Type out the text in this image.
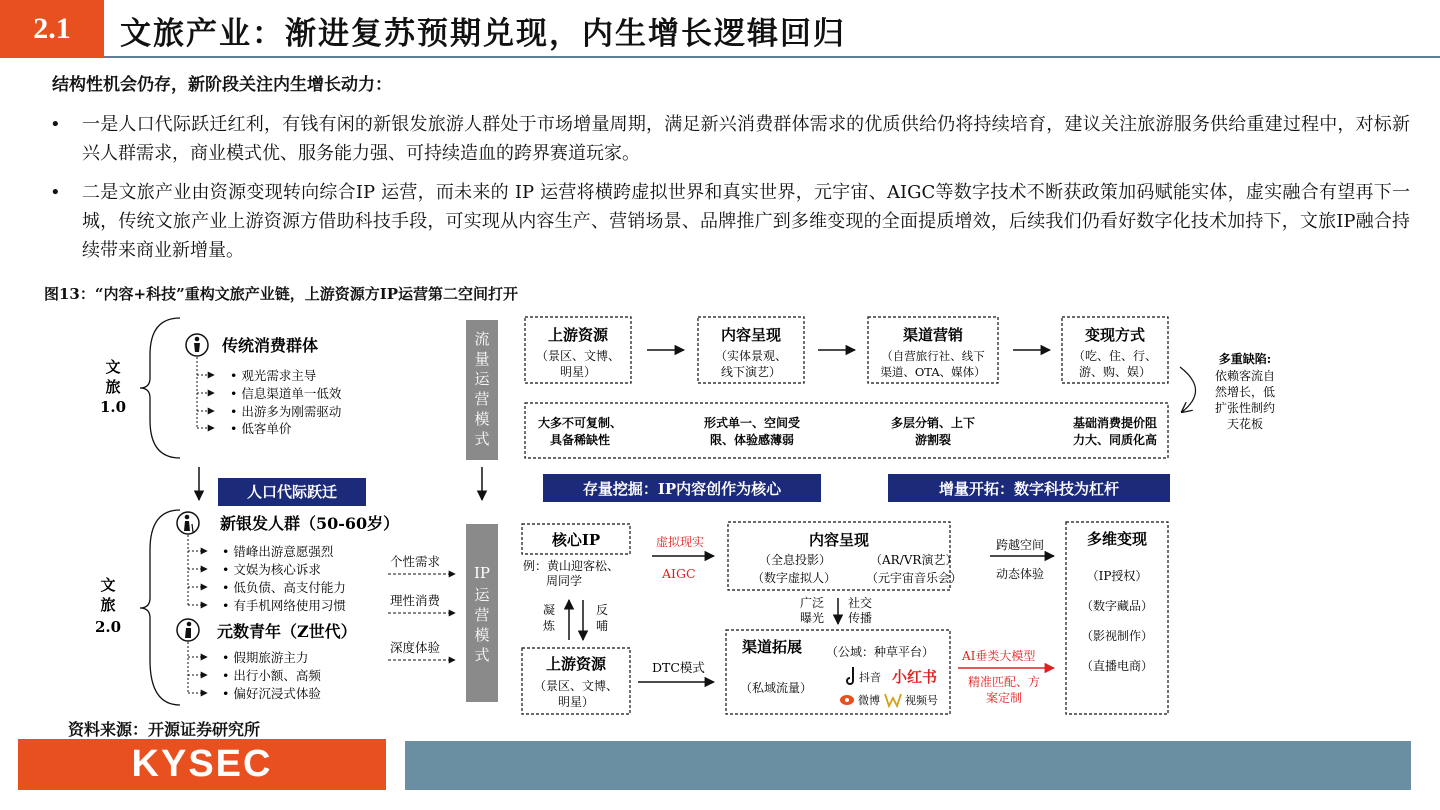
2.1	文旅产业：渐进复苏预期兑现，内生增长逻辑回归
结构性机会仍存，新阶段关注内生增长动力：
•	一是人口代际跃迁红利，有钱有闲的新银发旅游人群处于市场增量周期，满足新兴消费群体需求的优质供给仍将持续培育，建议关注旅游服务供给重建过程中，对标新兴人群需求，商业模式优、服务能力强、可持续造血的跨界赛道玩家。
•	二是文旅产业由资源变现转向综合IP 运营，而未来的 IP 运营将横跨虚拟世界和真实世界，元宇宙、AIGC等数字技术不断获政策加码赋能实体，虚实融合有望再下一城，传统文旅产业上游资源方借助科技手段，可实现从内容生产、营销场景、品牌推广到多维变现的全面提质增效，后续我们仍看好数字化技术加持下，文旅IP融合持续带来商业新增量。
图13：“内容+科技”重构文旅产业链，上游资源方IP运营第二空间打开
文
旅
1.0
传统消费群体
• 观光需求主导
• 信息渠道单一低效
• 出游多为刚需驱动
• 低客单价
人口代际跃迁
文
旅
2.0
新银发人群（50-60岁）
• 错峰出游意愿强烈
• 文娱为核心诉求
• 低负债、高支付能力
• 有手机网络使用习惯
元数青年（Z世代）
• 假期旅游主力
• 出行小额、高频
• 偏好沉浸式体验
个性需求
理性消费
深度体验
流
量
运
营
模
式
IP
运
营
模
式
上游资源
（景区、文博、
明星）
内容呈现
（实体景观、
线下演艺）
渠道营销
（自营旅行社、线下
渠道、OTA、媒体）
变现方式
（吃、住、行、
游、购、娱）
多重缺陷:
依赖客流自
然增长，低
扩张性制约
天花板
大多不可复制、
具备稀缺性
形式单一、空间受
限、体验感薄弱
多层分销、上下
游割裂
基础消费提价阻
力大、同质化高
存量挖掘：IP内容创作为核心	增量开拓：数字科技为杠杆
核心IP
例：黄山迎客松、
周同学
凝
炼
反
哺
上游资源
（景区、文博、
明星）
虚拟现实
AIGC
内容呈现
（全息投影）	（AR/VR演艺）
（数字虚拟人） （元宇宙音乐会）
广泛
曝光
社交
传播
渠道拓展 （公域：种草平台）
（私域流量）
抖音 小红书
微博 视频号
DTC模式
跨越空间
动态体验
AI垂类大模型
精准匹配、方
案定制
多维变现
（IP授权）
（数字藏品）
（影视制作）
（直播电商）
资料来源：开源证券研究所
KYSEC
